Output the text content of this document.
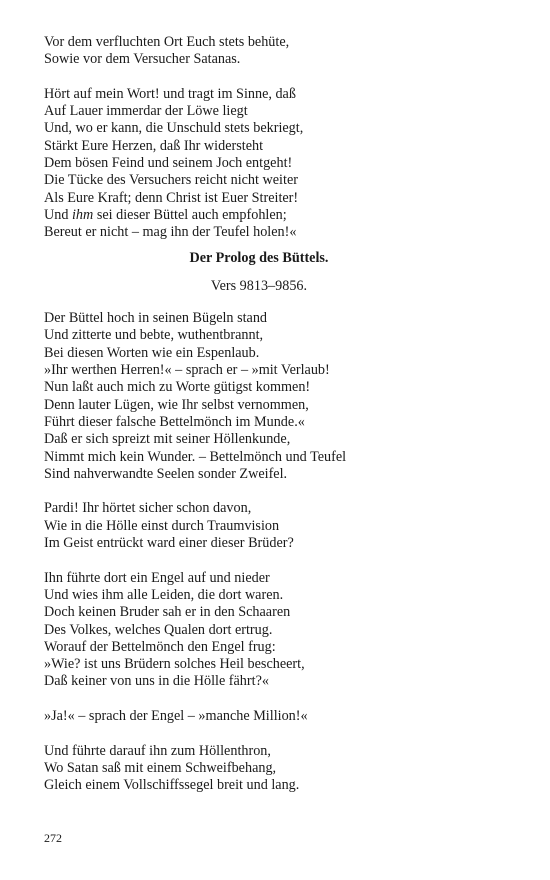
Vor dem verfluchten Ort Euch stets behüte,
Sowie vor dem Versucher Satanas.
Hört auf mein Wort! und tragt im Sinne, daß
Auf Lauer immerdar der Löwe liegt
Und, wo er kann, die Unschuld stets bekriegt,
Stärkt Eure Herzen, daß Ihr widersteht
Dem bösen Feind und seinem Joch entgeht!
Die Tücke des Versuchers reicht nicht weiter
Als Eure Kraft; denn Christ ist Euer Streiter!
Und ihm sei dieser Büttel auch empfohlen;
Bereut er nicht – mag ihn der Teufel holen!«
Der Prolog des Büttels.
Vers 9813–9856.
Der Büttel hoch in seinen Bügeln stand
Und zitterte und bebte, wuthentbrannt,
Bei diesen Worten wie ein Espenlaub.
»Ihr werthen Herren!« – sprach er – »mit Verlaub!
Nun laßt auch mich zu Worte gütigst kommen!
Denn lauter Lügen, wie Ihr selbst vernommen,
Führt dieser falsche Bettelmönch im Munde.«
Daß er sich spreizt mit seiner Höllenkunde,
Nimmt mich kein Wunder. – Bettelmönch und Teufel
Sind nahverwandte Seelen sonder Zweifel.
Pardi! Ihr hörtet sicher schon davon,
Wie in die Hölle einst durch Traumvision
Im Geist entrückt ward einer dieser Brüder?
Ihn führte dort ein Engel auf und nieder
Und wies ihm alle Leiden, die dort waren.
Doch keinen Bruder sah er in den Schaaren
Des Volkes, welches Qualen dort ertrug.
Worauf der Bettelmönch den Engel frug:
»Wie? ist uns Brüdern solches Heil bescheert,
Daß keiner von uns in die Hölle fährt?«
»Ja!« – sprach der Engel – »manche Million!«
Und führte darauf ihn zum Höllenthron,
Wo Satan saß mit einem Schweifbehang,
Gleich einem Vollschiffssegel breit und lang.
272
